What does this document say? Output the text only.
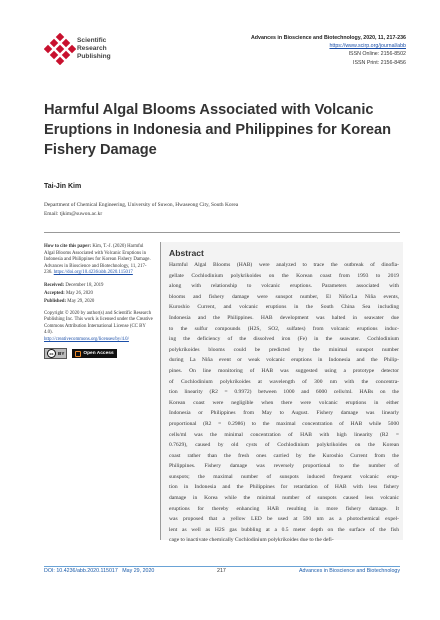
Scientific
Research
Publishing
Advances in Bioscience and Biotechnology, 2020, 11, 217-236
https://www.scirp.org/journal/abb
ISSN Online: 2156-8502
ISSN Print: 2156-8456
Harmful Algal Blooms Associated with Volcanic Eruptions in Indonesia and Philippines for Korean Fishery Damage
Tai-Jin Kim
Department of Chemical Engineering, University of Suwon, Hwaseong City, South Korea
Email: tjkim@suwon.ac.kr

How to cite this paper: Kim, T.-J. (2020) Harmful Algal Blooms Associated with Volcanic Eruptions in Indonesia and Philippines for Korean Fishery Damage. Advances in Bioscience and Biotechnology, 11, 217-236. https://doi.org/10.4236/abb.2020.115017

Received: December 18, 2019
Accepted: May 26, 2020
Published: May 29, 2020

Copyright © 2020 by author(s) and Scientific Research Publishing Inc. This work is licensed under the Creative Commons Attribution International License (CC BY 4.0).
http://creativecommons.org/licenses/by/4.0/

cc BY	Open Access
Abstract
Harmful Algal Blooms (HAB) were analyzed to trace the outbreak of dinofla-
gellate Cochlodinium polykrikoides on the Korean coast from 1993 to 2019
along with relationship to volcanic eruptions. Parameters associated with
blooms and fishery damage were sunspot number, El Niño/La Niña events,
Kuroshio Current, and volcanic eruptions in the South China Sea including
Indonesia and the Philippines. HAB development was halted in seawater due
to the sulfur compounds (H2S, SO2, sulfates) from volcanic eruptions induc-
ing the deficiency of the dissolved iron (Fe) in the seawater. Cochlodinium
polykrikoides blooms could be predicted by the minimal sunspot number
during La Niña event or weak volcanic eruptions in Indonesia and the Philip-
pines. On line monitoring of HAB was suggested using a prototype detector
of Cochlodinium polykrikoides at wavelength of 300 nm with the concentra-
tion linearity (R2 = 0.9972) between 1000 and 6000 cells/ml. HABs on the
Korean coast were negligible when there were volcanic eruptions in either
Indonesia or Philippines from May to August. Fishery damage was linearly
proportional (R2 = 0.2986) to the maximal concentration of HAB while 5000
cells/ml was the minimal concentration of HAB with high linearity (R2 =
0.7629), caused by old cysts of Cochlodinium polykrikoides on the Korean
coast rather than the fresh ones carried by the Kuroshio Current from the
Philippines. Fishery damage was reversely proportional to the number of
sunspots; the maximal number of sunspots induced frequent volcanic erup-
tion in Indonesia and the Philippines for retardation of HAB with less fishery
damage in Korea while the minimal number of sunspots caused less volcanic
eruptions for thereby enhancing HAB resulting in more fishery damage. It
was proposed that a yellow LED be used at 590 nm as a photochemical expel-
lent as well as H2S gas bubbling at a 0.5 meter depth on the surface of the fish
cage to inactivate chemically Cochlodinium polykrikoides due to the defi-
DOI: 10.4236/abb.2020.115017 May 29, 2020	217	Advances in Bioscience and Biotechnology
